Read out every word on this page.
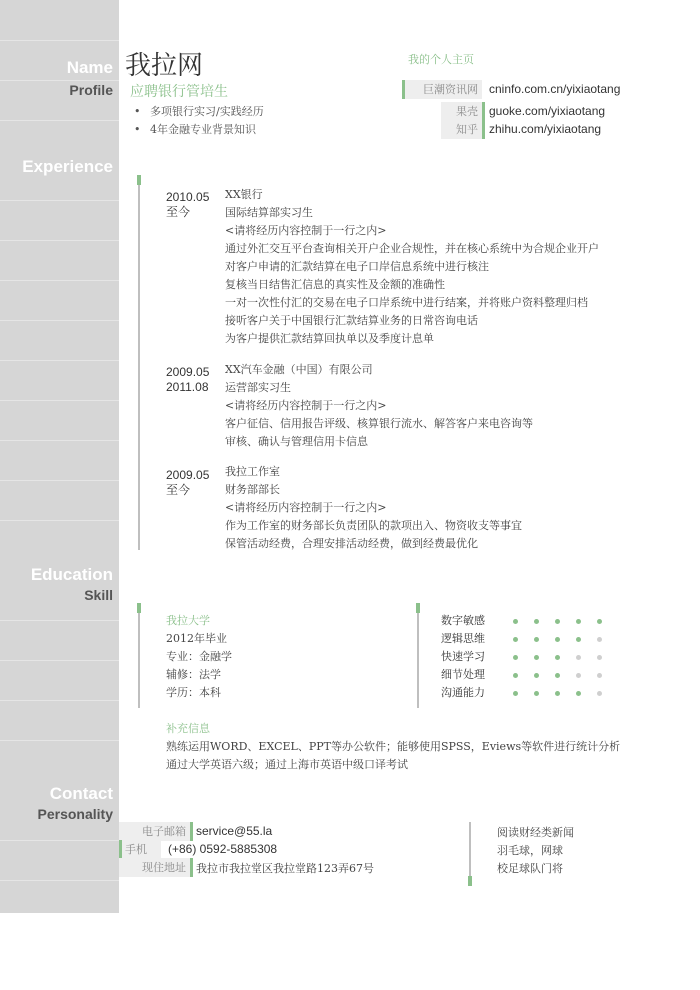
Name
Profile
Experience
Education
Skill
Contact
Personality
我拉网
应聘银行管培生
• 多项银行实习/实践经历
• 4年金融专业背景知识
我的个人主页
巨潮资讯网 cninfo.com.cn/yixiaotang
果壳 guoke.com/yixiaotang
知乎 zhihu.com/yixiaotang
2010.05
至今
XX银行
国际结算部实习生
<请将经历内容控制于一行之内>
通过外汇交互平台查询相关开户企业合规性，并在核心系统中为合规企业开户
对客户申请的汇款结算在电子口岸信息系统中进行核注
复核当日结售汇信息的真实性及金额的准确性
一对一次性付汇的交易在电子口岸系统中进行结案，并将账户资料整理归档
接听客户关于中国银行汇款结算业务的日常咨询电话
为客户提供汇款结算回执单以及季度计息单
2009.05
2011.08
XX汽车金融（中国）有限公司
运营部实习生
<请将经历内容控制于一行之内>
客户征信、信用报告评级、核算银行流水、解答客户来电咨询等
审核、确认与管理信用卡信息
2009.05
至今
我拉工作室
财务部部长
<请将经历内容控制于一行之内>
作为工作室的财务部长负责团队的款项出入、物资收支等事宜
保管活动经费，合理安排活动经费，做到经费最优化
我拉大学
2012年毕业
专业：金融学
辅修：法学
学历：本科
数字敏感
逻辑思维
快速学习
细节处理
沟通能力
补充信息
熟练运用WORD、EXCEL、PPT等办公软件；能够使用SPSS，Eviews等软件进行统计分析
通过大学英语六级；通过上海市英语中级口译考试
电子邮箱 service@55.la
手机	(+86) 0592-5885308
现住地址 我拉市我拉堂区我拉堂路123弄67号
阅读财经类新闻
羽毛球，网球
校足球队门将
